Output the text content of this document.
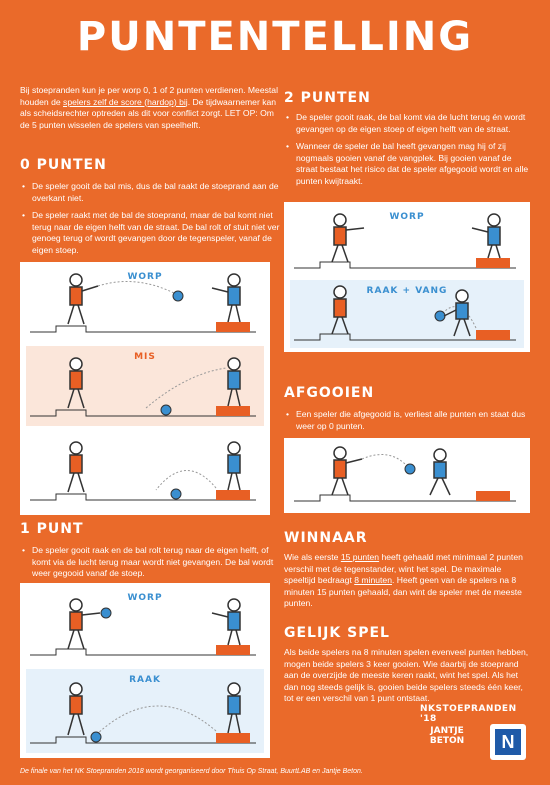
PUNTENTELLING
Bij stoepranden kun je per worp 0, 1 of 2 punten verdienen. Meestal houden de spelers zelf de score (hardop) bij. De tijdwaarnemer kan als scheidsrechter optreden als dit voor conflict zorgt. LET OP: Om de 5 punten wisselen de spelers van speelhelft.
0 PUNTEN
• De speler gooit de bal mis, dus de bal raakt de stoeprand aan de overkant niet.
• De speler raakt met de bal de stoeprand, maar de bal komt niet terug naar de eigen helft van de straat. De bal rolt of stuit niet ver genoeg terug of wordt gevangen door de tegenspeler, vanaf de eigen stoep.
WORP
MIS
1 PUNT
• De speler gooit raak en de bal rolt terug naar de eigen helft, of komt via de lucht terug maar wordt niet gevangen. De bal wordt weer gegooid vanaf de stoep.
WORP
RAAK
2 PUNTEN
• De speler gooit raak, de bal komt via de lucht terug én wordt gevangen op de eigen stoep of eigen helft van de straat.
• Wanneer de speler de bal heeft gevangen mag hij of zij nogmaals gooien vanaf de vangplek. Bij gooien vanaf de straat bestaat het risico dat de speler afgegooid wordt en alle punten kwijtraakt.
WORP
RAAK + VANG
AFGOOIEN
• Een speler die afgegooid is, verliest alle punten en staat dus weer op 0 punten.
WINNAAR

Wie als eerste 15 punten heeft gehaald met minimaal 2 punten verschil met de tegenstander, wint het spel. De maximale speeltijd bedraagt 8 minuten. Heeft geen van de spelers na 8 minuten 15 punten gehaald, dan wint de speler met de meeste punten.

GELIJK SPEL

Als beide spelers na 8 minuten spelen evenveel punten hebben, mogen beide spelers 3 keer gooien. Wie daarbij de stoeprand aan de overzijde de meeste keren raakt, wint het spel. Als het dan nog steeds gelijk is, gooien beide spelers steeds één keer, tot er een verschil van 1 punt ontstaat.

NKSTOEPRANDEN '18
JANTJE
BETON	N
De finale van het NK Stoepranden 2018 wordt georganiseerd door Thuis Op Straat, BuurtLAB en Jantje Beton.
